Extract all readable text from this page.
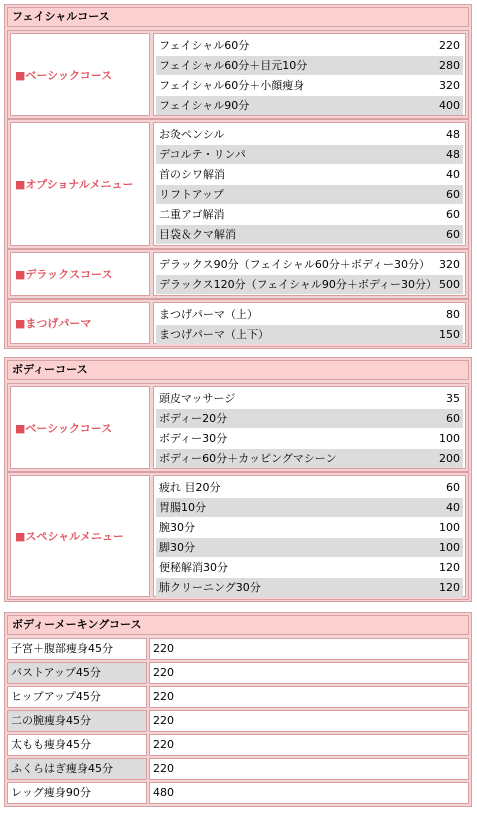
フェイシャルコース
■ベーシックコース
フェイシャル60分	220
フェイシャル60分＋目元10分	280
フェイシャル60分＋小顔痩身	320
フェイシャル90分	400
■オプショナルメニュー
お灸ペンシル	48
デコルテ・リンパ	48
首のシワ解消	40
リフトアップ	60
二重アゴ解消	60
目袋＆クマ解消	60
■デラックスコース
デラックス90分（フェイシャル60分＋ボディー30分） 320
デラックス120分（フェイシャル90分＋ボディー30分） 500
■まつげパーマ
まつげパーマ（上）	80
まつげパーマ（上下）	150
ボディーコース
■ベーシックコース
頭皮マッサージ	35
ボディー20分	60
ボディー30分	100
ボディー60分＋カッピングマシーン	200
■スペシャルメニュー
疲れ 目20分	60
胃腸10分	40
腕30分	100
脚30分	100
便秘解消30分	120
肺クリーニング30分	120
ボディーメーキングコース
子宮＋腹部痩身45分	220
バストアップ45分	220
ヒップアップ45分	220
二の腕痩身45分	220
太もも痩身45分	220
ふくらはぎ痩身45分	220
レッグ痩身90分	480
